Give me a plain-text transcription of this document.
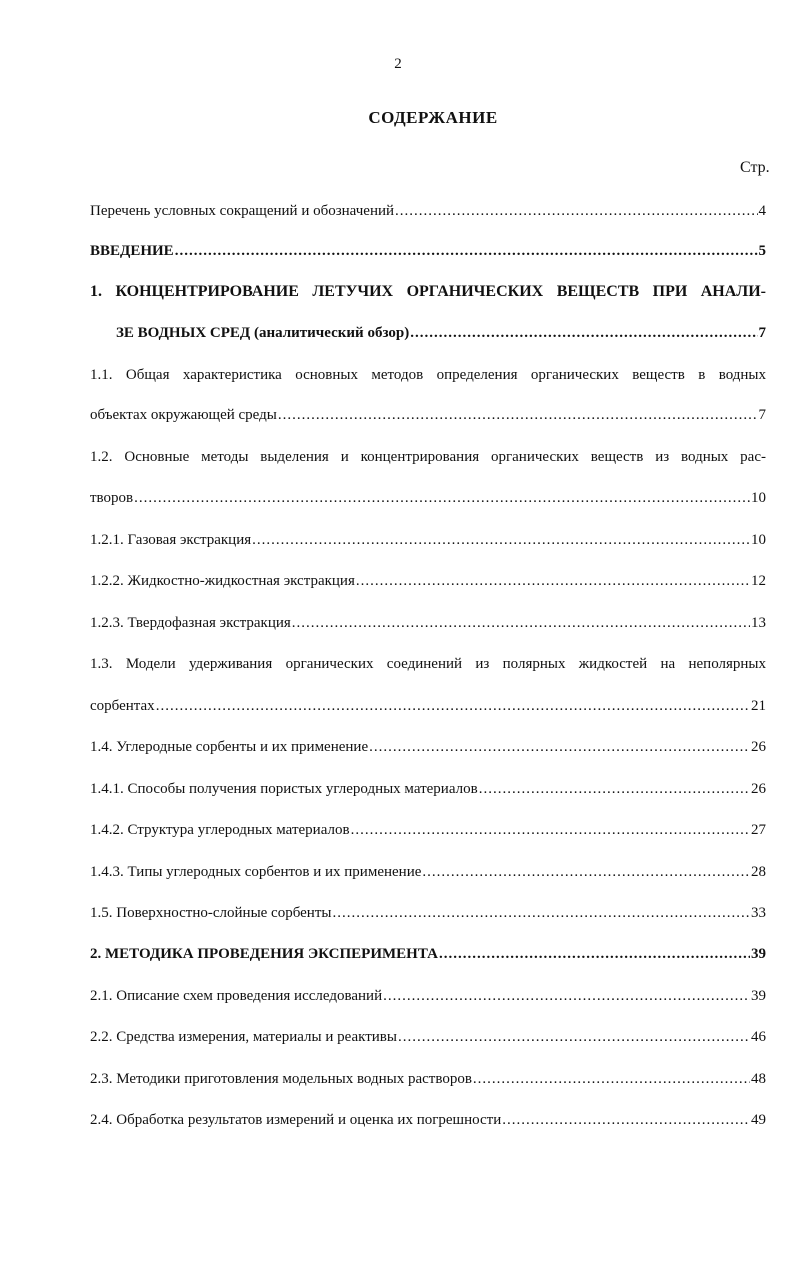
2
СОДЕРЖАНИЕ
Стр.
Перечень условных сокращений и обозначений .....	4
ВВЕДЕНИЕ .....	5
1. КОНЦЕНТРИРОВАНИЕ ЛЕТУЧИХ ОРГАНИЧЕСКИХ ВЕЩЕСТВ ПРИ АНАЛИ-
ЗЕ ВОДНЫХ СРЕД (аналитический обзор) .....	7
1.1. Общая характеристика основных методов определения органических веществ в водных
объектах окружающей среды .....	7
1.2. Основные методы выделения и концентрирования органических веществ из водных рас-
творов .....	10
1.2.1. Газовая экстракция .....	10
1.2.2. Жидкостно-жидкостная экстракция .....	12
1.2.3. Твердофазная экстракция .....	13
1.3. Модели удерживания органических соединений из полярных жидкостей на неполярных
сорбентах .....	21
1.4. Углеродные сорбенты и их применение .....	26
1.4.1. Способы получения пористых углеродных материалов .....	26
1.4.2. Структура углеродных материалов .....	27
1.4.3. Типы углеродных сорбентов и их применение .....	28
1.5. Поверхностно-слойные сорбенты .....	33
2. МЕТОДИКА ПРОВЕДЕНИЯ ЭКСПЕРИМЕНТА .....	39
2.1. Описание схем проведения исследований .....	39
2.2. Средства измерения, материалы и реактивы .....	46
2.3. Методики приготовления модельных водных растворов .....	48
2.4. Обработка результатов измерений и оценка их погрешности .....	49
